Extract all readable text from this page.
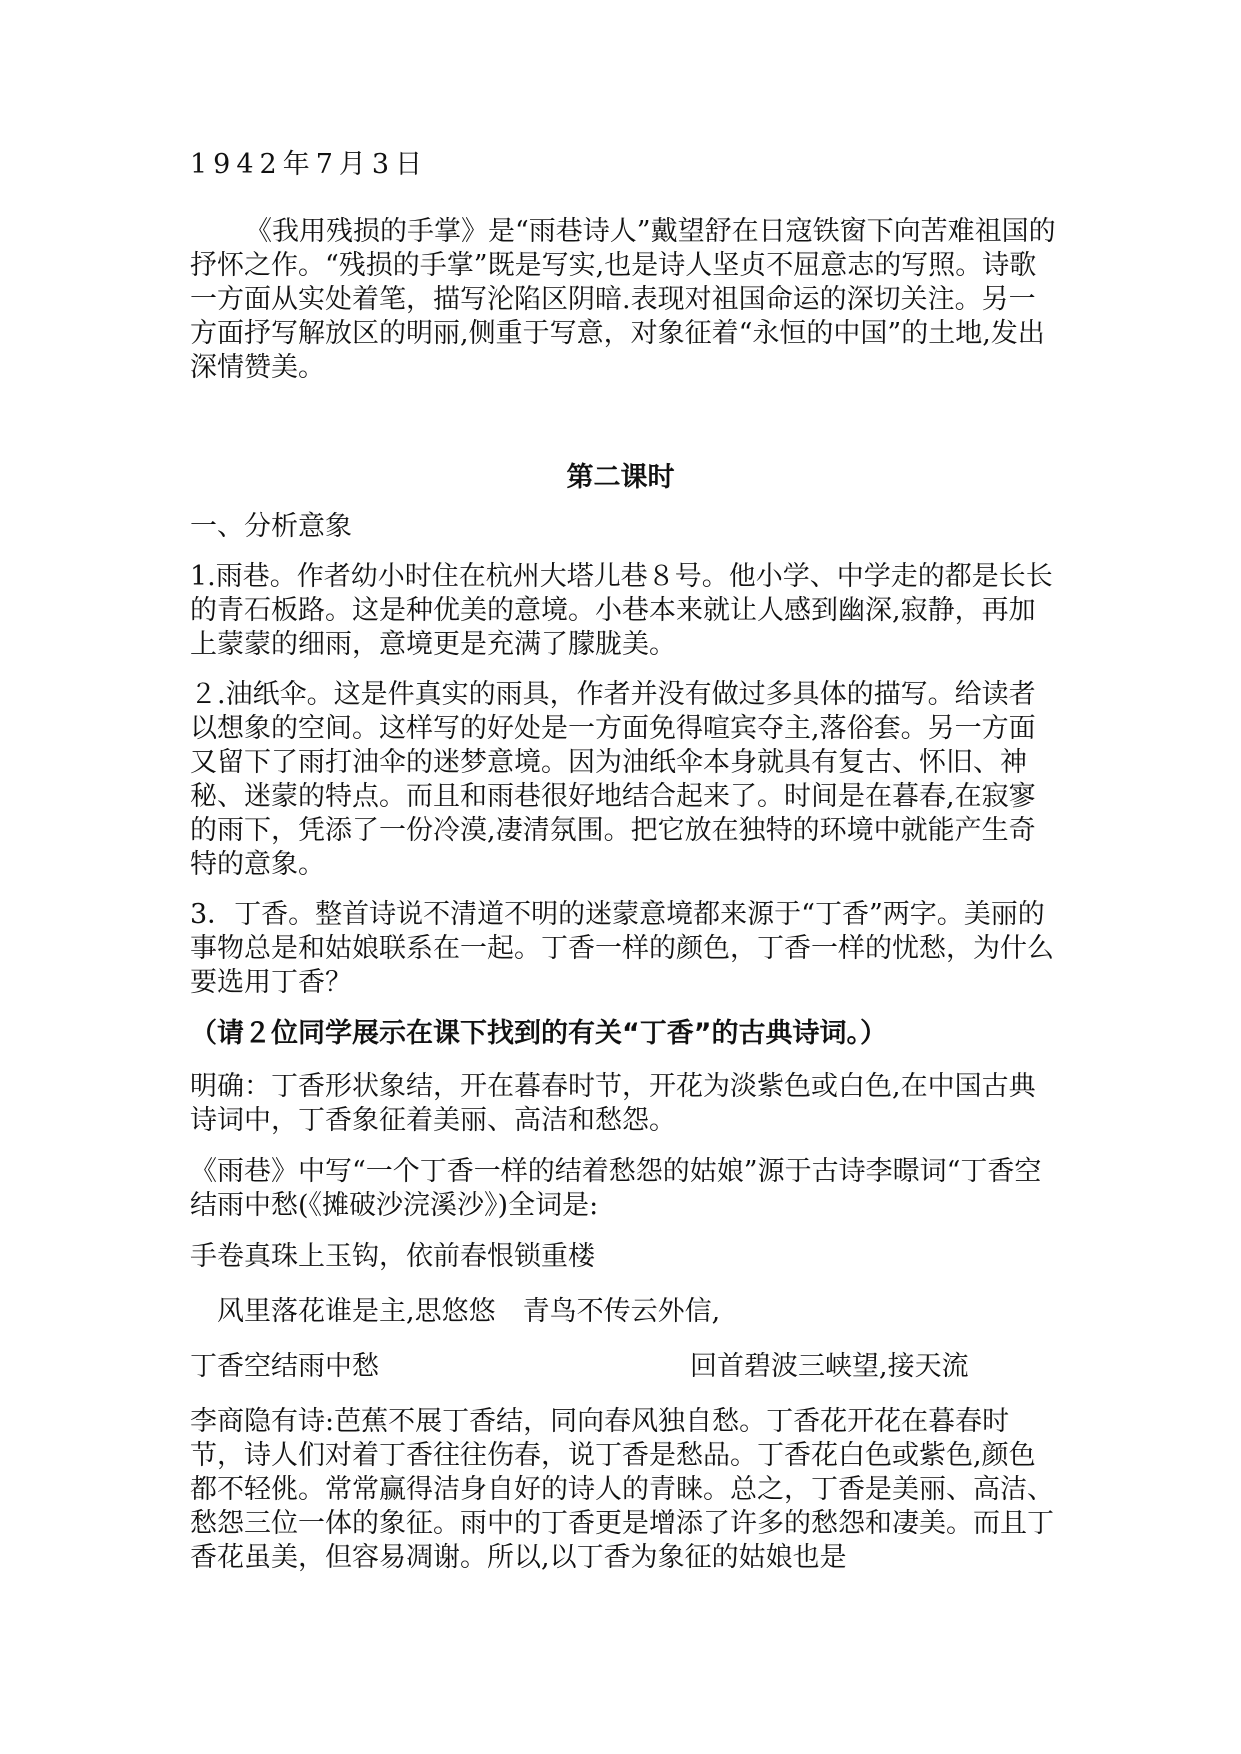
1942年7月3日
《我用残损的手掌》是“雨巷诗人”戴望舒在日寇铁窗下向苦难祖国的抒怀之作。“残损的手掌”既是写实,也是诗人坚贞不屈意志的写照。诗歌一方面从实处着笔，描写沦陷区阴暗.表现对祖国命运的深切关注。另一方面抒写解放区的明丽,侧重于写意，对象征着“永恒的中国”的土地,发出深情赞美。
第二课时
一、分析意象
1.雨巷。作者幼小时住在杭州大塔儿巷８号。他小学、中学走的都是长长的青石板路。这是种优美的意境。小巷本来就让人感到幽深,寂静，再加上蒙蒙的细雨，意境更是充满了朦胧美。
２.油纸伞。这是件真实的雨具，作者并没有做过多具体的描写。给读者以想象的空间。这样写的好处是一方面免得喧宾夺主,落俗套。另一方面又留下了雨打油伞的迷梦意境。因为油纸伞本身就具有复古、怀旧、神秘、迷蒙的特点。而且和雨巷很好地结合起来了。时间是在暮春,在寂寥的雨下，凭添了一份冷漠,凄清氛围。把它放在独特的环境中就能产生奇特的意象。
3．丁香。整首诗说不清道不明的迷蒙意境都来源于“丁香”两字。美丽的事物总是和姑娘联系在一起。丁香一样的颜色，丁香一样的忧愁，为什么要选用丁香？
（请２位同学展示在课下找到的有关“丁香”的古典诗词。）
明确：丁香形状象结，开在暮春时节，开花为淡紫色或白色,在中国古典诗词中，丁香象征着美丽、高洁和愁怨。
《雨巷》中写“一个丁香一样的结着愁怨的姑娘”源于古诗李暻词“丁香空结雨中愁(《摊破沙浣溪沙》)全词是:
手卷真珠上玉钩，依前春恨锁重楼
风里落花谁是主,思悠悠　青鸟不传云外信,
丁香空结雨中愁	回首碧波三峡望,接天流
李商隐有诗:芭蕉不展丁香结，同向春风独自愁。丁香花开花在暮春时节，诗人们对着丁香往往伤春，说丁香是愁品。丁香花白色或紫色,颜色都不轻佻。常常赢得洁身自好的诗人的青睐。总之，丁香是美丽、高洁、愁怨三位一体的象征。雨中的丁香更是增添了许多的愁怨和凄美。而且丁香花虽美，但容易凋谢。所以,以丁香为象征的姑娘也是
